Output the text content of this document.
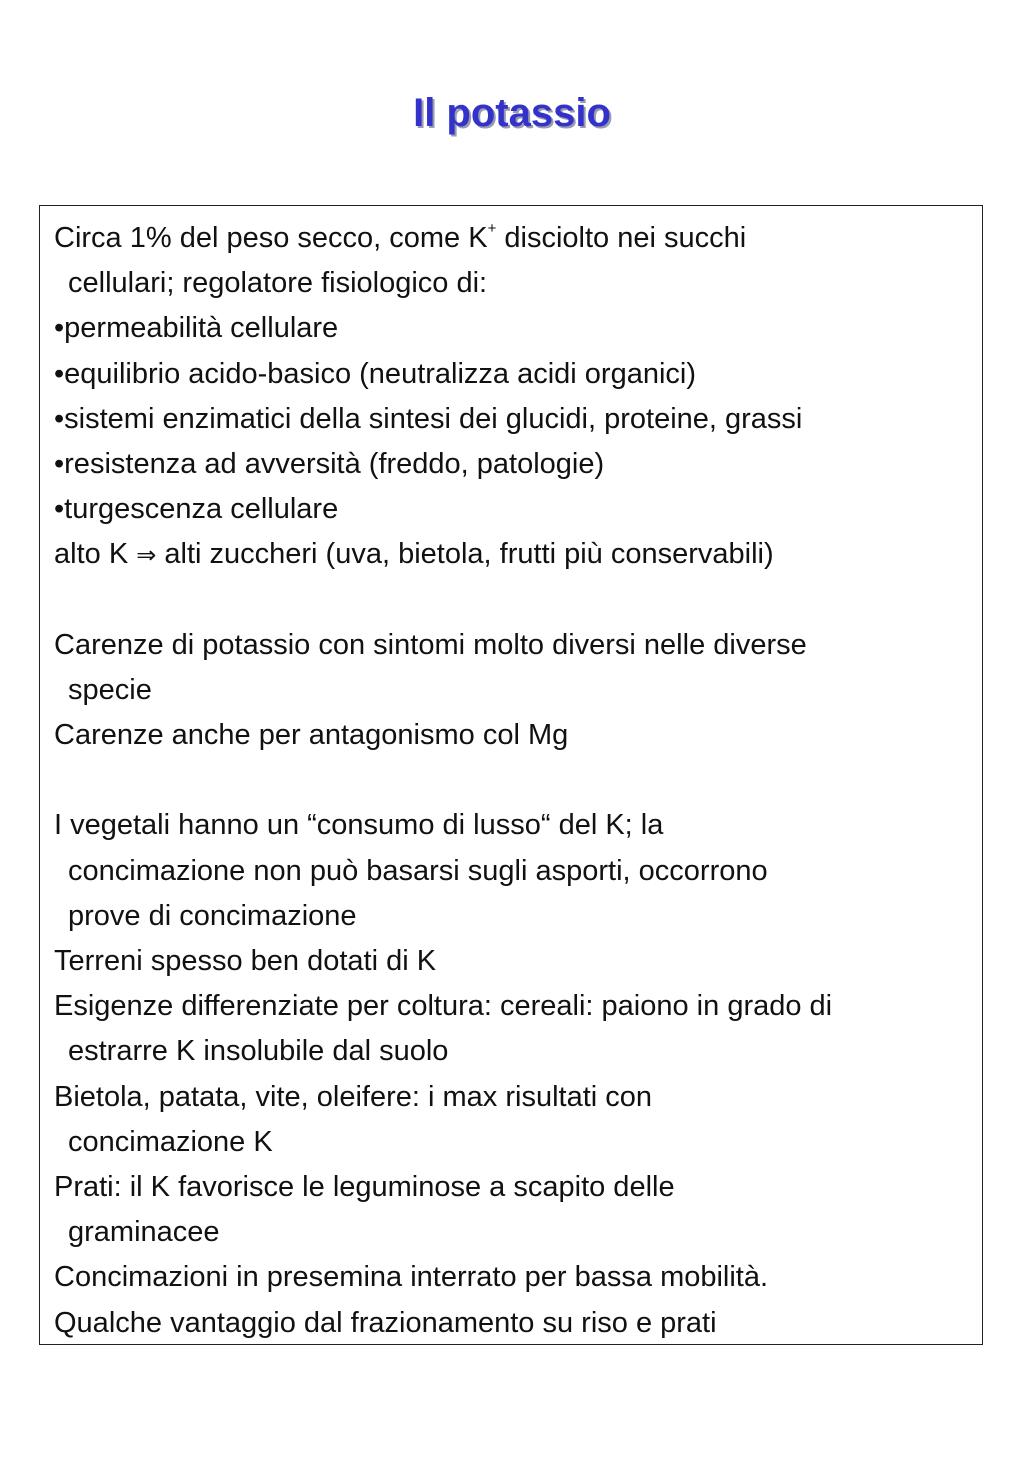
Il potassio
Circa 1% del peso secco, come K+ disciolto nei succhi
cellulari; regolatore fisiologico di:
•permeabilità cellulare
•equilibrio acido-basico (neutralizza acidi organici)
•sistemi enzimatici della sintesi dei glucidi, proteine, grassi
•resistenza ad avversità (freddo, patologie)
•turgescenza cellulare
alto K ⇒ alti zuccheri (uva, bietola, frutti più conservabili)
Carenze di potassio con sintomi molto diversi nelle diverse
specie
Carenze anche per antagonismo col Mg
I vegetali hanno un “consumo di lusso“ del K; la
concimazione non può basarsi sugli asporti, occorrono
prove di concimazione
Terreni spesso ben dotati di K
Esigenze differenziate per coltura: cereali: paiono in grado di
estrarre K insolubile dal suolo
Bietola, patata, vite, oleifere: i max risultati con
concimazione K
Prati: il K favorisce le leguminose a scapito delle
graminacee
Concimazioni in presemina interrato per bassa mobilità.
Qualche vantaggio dal frazionamento su riso e prati
